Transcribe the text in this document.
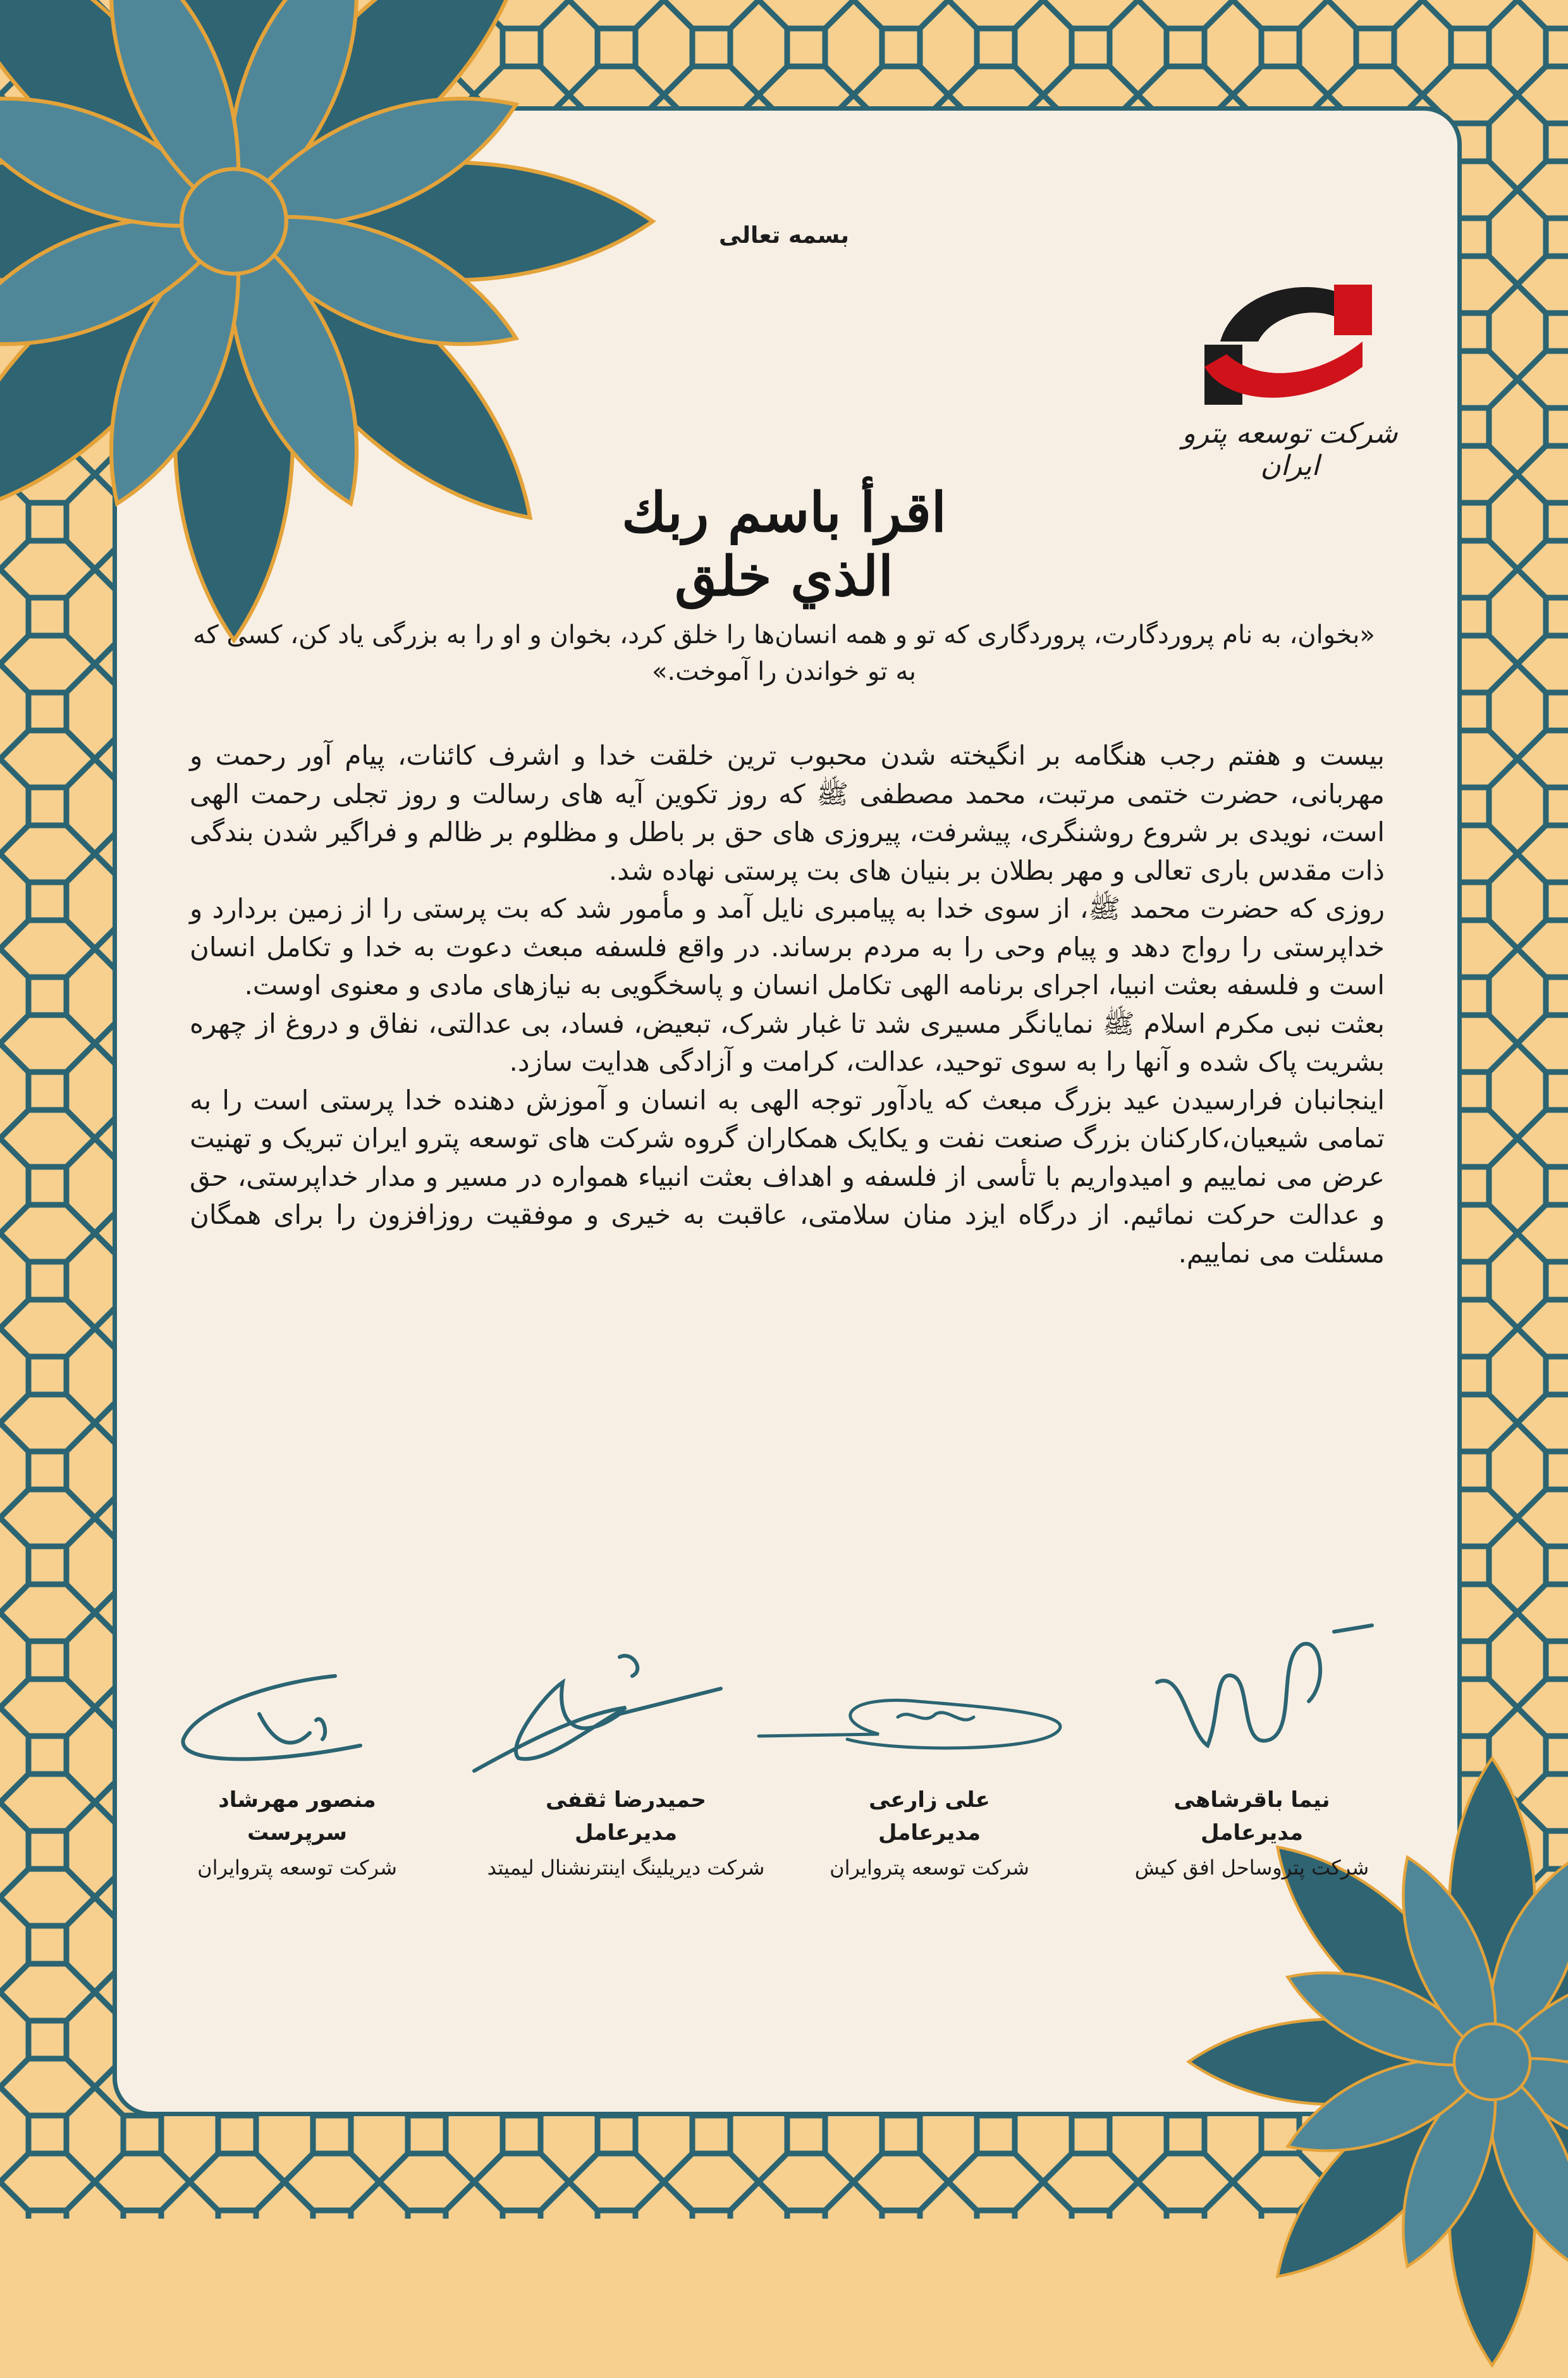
بسمه تعالی
شرکت توسعه پترو ایران
اقرأ باسم ربك الذي خلق
«بخوان، به نام پروردگارت، پروردگاری که تو و همه انسان‌ها را خلق کرد، بخوان و او را به بزرگی یاد کن، کسی که به تو خواندن را آموخت.»

بیست و هفتم رجب هنگامه بر انگیخته شدن محبوب ترین خلقت خدا و اشرف کائنات، پیام آور رحمت و مهربانی، حضرت ختمی مرتبت، محمد مصطفی ﷺ که روز تکوین آیه های رسالت و روز تجلی رحمت الهی است، نویدی بر شروع روشنگری، پیشرفت، پیروزی های حق بر باطل و مظلوم بر ظالم و فراگیر شدن بندگی ذات مقدس باری تعالی و مهر بطلان بر بنیان های بت پرستی نهاده شد.

روزی که حضرت محمد ﷺ، از سوی خدا به پیامبری نایل آمد و مأمور شد که بت پرستی را از زمین بردارد و خداپرستی را رواج دهد و پیام وحی را به مردم برساند. در واقع فلسفه مبعث دعوت به خدا و تکامل انسان است و فلسفه بعثت انبیا، اجرای برنامه الهی تکامل انسان و پاسخگویی به نیازهای مادی و معنوی اوست.

بعثت نبی مکرم اسلام ﷺ نمایانگر مسیری شد تا غبار شرک، تبعیض، فساد، بی عدالتی، نفاق و دروغ از چهره بشریت پاک شده و آنها را به سوی توحید، عدالت، کرامت و آزادگی هدایت سازد.

اینجانبان فرارسیدن عید بزرگ مبعث که یادآور توجه الهی به انسان و آموزش دهنده خدا پرستی است را به تمامی شیعیان،کارکنان بزرگ صنعت نفت و یکایک همکاران گروه شرکت های توسعه پترو ایران تبریک و تهنیت عرض می نماییم و امیدواریم با تأسی از فلسفه و اهداف بعثت انبیاء همواره در مسیر و مدار خداپرستی، حق و عدالت حرکت نمائیم. از درگاه ایزد منان سلامتی، عاقبت به خیری و موفقیت روزافزون را برای همگان مسئلت می نماییم.

نیما باقرشاهی
مدیرعامل
شرکت پتروساحل افق کیش
علی زارعی
مدیرعامل
شرکت توسعه پتروایران
حمیدرضا ثقفی
مدیرعامل
شرکت دیریلینگ اینترنشنال لیمیتد
منصور مهرشاد
سرپرست
شرکت توسعه پتروایران
